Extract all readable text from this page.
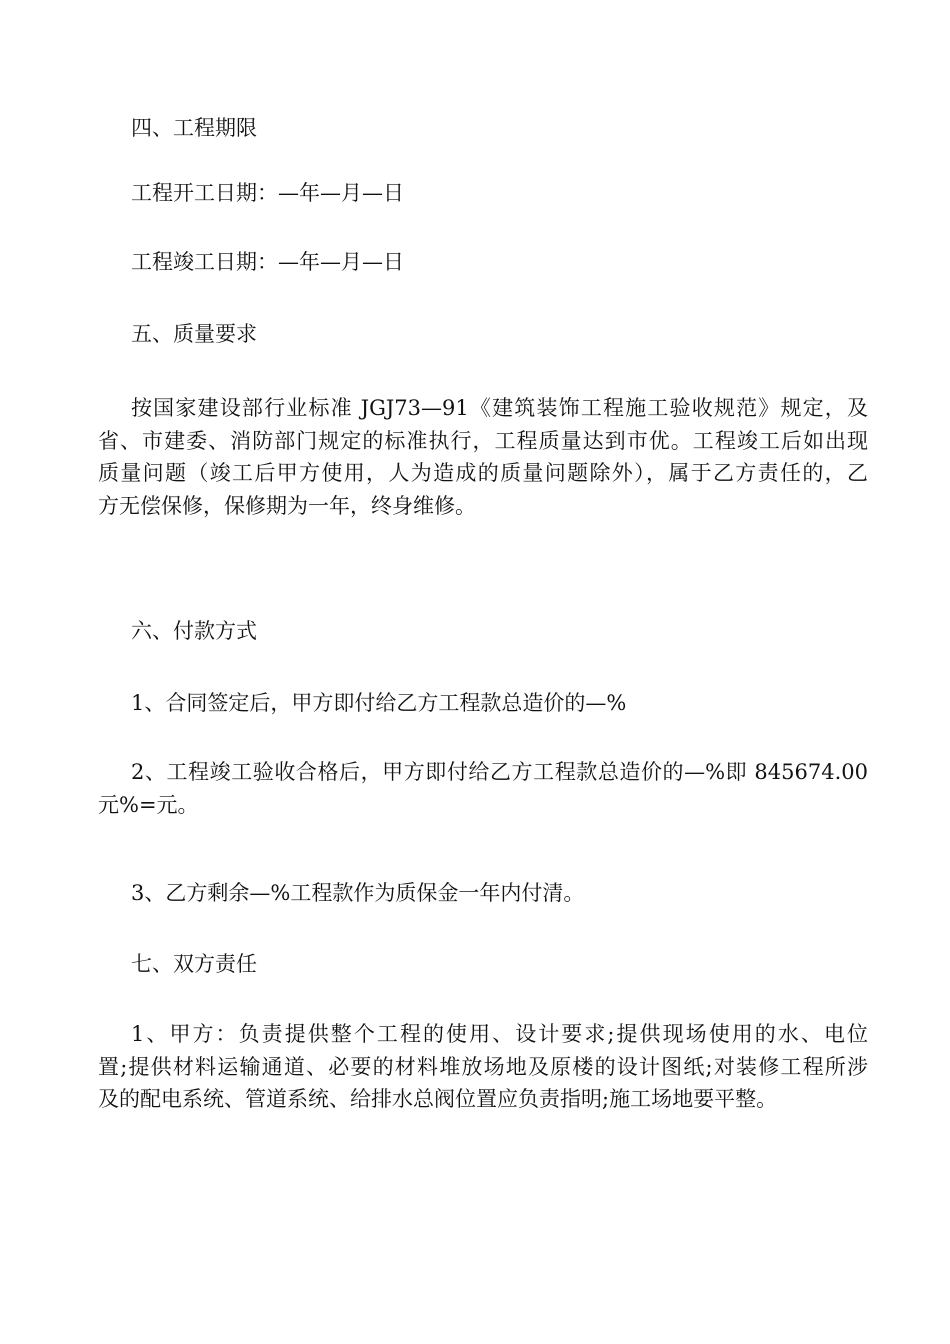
四、工程期限

工程开工日期：—年—月—日

工程竣工日期：—年—月—日

五、质量要求

按国家建设部行业标准 JGJ73—91《建筑装饰工程施工验收规范》规定，及
省、市建委、消防部门规定的标准执行，工程质量达到市优。工程竣工后如出现
质量问题（竣工后甲方使用，人为造成的质量问题除外），属于乙方责任的，乙
方无偿保修，保修期为一年，终身维修。

六、付款方式

1、合同签定后，甲方即付给乙方工程款总造价的—%

2、工程竣工验收合格后，甲方即付给乙方工程款总造价的—%即 845674.00
元%=元。

3、乙方剩余—%工程款作为质保金一年内付清。

七、双方责任

1、甲方：负责提供整个工程的使用、设计要求;提供现场使用的水、电位
置;提供材料运输通道、必要的材料堆放场地及原楼的设计图纸;对装修工程所涉
及的配电系统、管道系统、给排水总阀位置应负责指明;施工场地要平整。
